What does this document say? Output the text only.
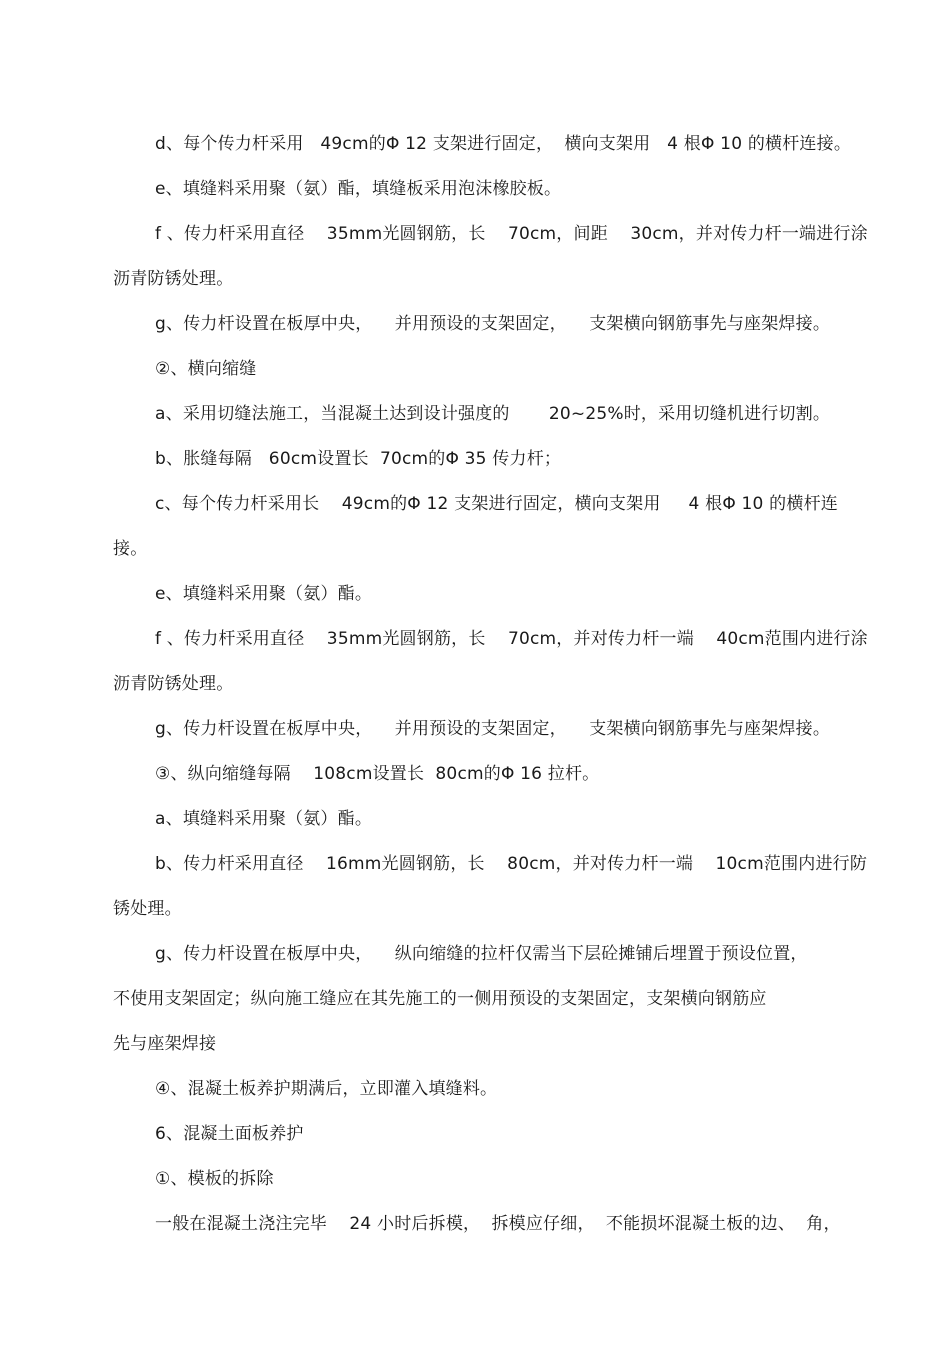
d、每个传力杆采用   49cm的Φ 12 支架进行固定，  横向支架用   4 根Φ 10 的横杆连接。
e、填缝料采用聚（氨）酯，填缝板采用泡沫橡胶板。
f 、传力杆采用直径    35mm光圆钢筋，长    70cm，间距    30cm，并对传力杆一端进行涂
沥青防锈处理。
g、传力杆设置在板厚中央，    并用预设的支架固定，    支架横向钢筋事先与座架焊接。
②、横向缩缝
a、采用切缝法施工，当混凝土达到设计强度的       20~25%时，采用切缝机进行切割。
b、胀缝每隔   60cm设置长  70cm的Φ 35 传力杆；
c、每个传力杆采用长    49cm的Φ 12 支架进行固定，横向支架用     4 根Φ 10 的横杆连
接。
e、填缝料采用聚（氨）酯。
f 、传力杆采用直径    35mm光圆钢筋，长    70cm，并对传力杆一端    40cm范围内进行涂
沥青防锈处理。
g、传力杆设置在板厚中央，    并用预设的支架固定，    支架横向钢筋事先与座架焊接。
③、纵向缩缝每隔    108cm设置长  80cm的Φ 16 拉杆。
a、填缝料采用聚（氨）酯。
b、传力杆采用直径    16mm光圆钢筋，长    80cm，并对传力杆一端    10cm范围内进行防
锈处理。
g、传力杆设置在板厚中央，    纵向缩缝的拉杆仅需当下层砼摊铺后埋置于预设位置，
不使用支架固定；纵向施工缝应在其先施工的一侧用预设的支架固定，支架横向钢筋应
先与座架焊接
④、混凝土板养护期满后，立即灌入填缝料。
6、混凝土面板养护
①、模板的拆除
一般在混凝土浇注完毕    24 小时后拆模，  拆模应仔细，  不能损坏混凝土板的边、  角，
